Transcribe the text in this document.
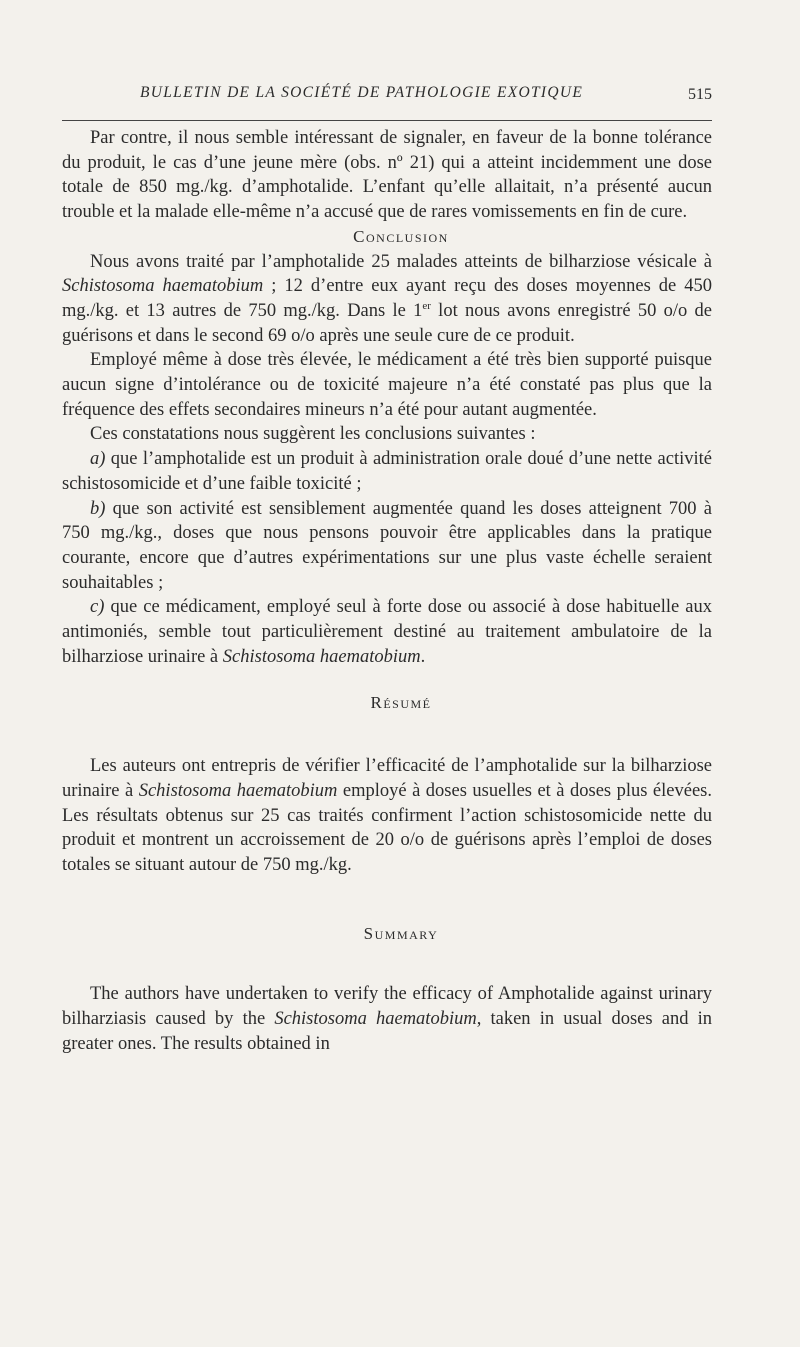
BULLETIN DE LA SOCIÉTÉ DE PATHOLOGIE EXOTIQUE	515

Par contre, il nous semble intéressant de signaler, en faveur de la bonne tolérance du produit, le cas d’une jeune mère (obs. nº 21) qui a atteint incidemment une dose totale de 850 mg./kg. d’amphotalide. L’enfant qu’elle allaitait, n’a présenté aucun trouble et la malade elle-même n’a accusé que de rares vomissements en fin de cure.

Conclusion

Nous avons traité par l’amphotalide 25 malades atteints de bilharziose vésicale à Schistosoma haematobium ; 12 d’entre eux ayant reçu des doses moyennes de 450 mg./kg. et 13 autres de 750 mg./kg. Dans le 1er lot nous avons enregistré 50 o/o de guérisons et dans le second 69 o/o après une seule cure de ce produit.

Employé même à dose très élevée, le médicament a été très bien supporté puisque aucun signe d’intolérance ou de toxicité majeure n’a été constaté pas plus que la fréquence des effets secondaires mineurs n’a été pour autant augmentée.

Ces constatations nous suggèrent les conclusions suivantes :

a) que l’amphotalide est un produit à administration orale doué d’une nette activité schistosomicide et d’une faible toxicité ;

b) que son activité est sensiblement augmentée quand les doses atteignent 700 à 750 mg./kg., doses que nous pensons pouvoir être applicables dans la pratique courante, encore que d’autres expérimentations sur une plus vaste échelle seraient souhaitables ;

c) que ce médicament, employé seul à forte dose ou associé à dose habituelle aux antimoniés, semble tout particulièrement destiné au traitement ambulatoire de la bilharziose urinaire à Schistosoma haematobium.

Résumé

Les auteurs ont entrepris de vérifier l’efficacité de l’amphotalide sur la bilharziose urinaire à Schistosoma haematobium employé à doses usuelles et à doses plus élevées. Les résultats obtenus sur 25 cas traités confirment l’action schistosomicide nette du produit et montrent un accroissement de 20 o/o de guérisons après l’emploi de doses totales se situant autour de 750 mg./kg.

Summary

The authors have undertaken to verify the efficacy of Amphotalide against urinary bilharziasis caused by the Schistosoma haematobium, taken in usual doses and in greater ones. The results obtained in
